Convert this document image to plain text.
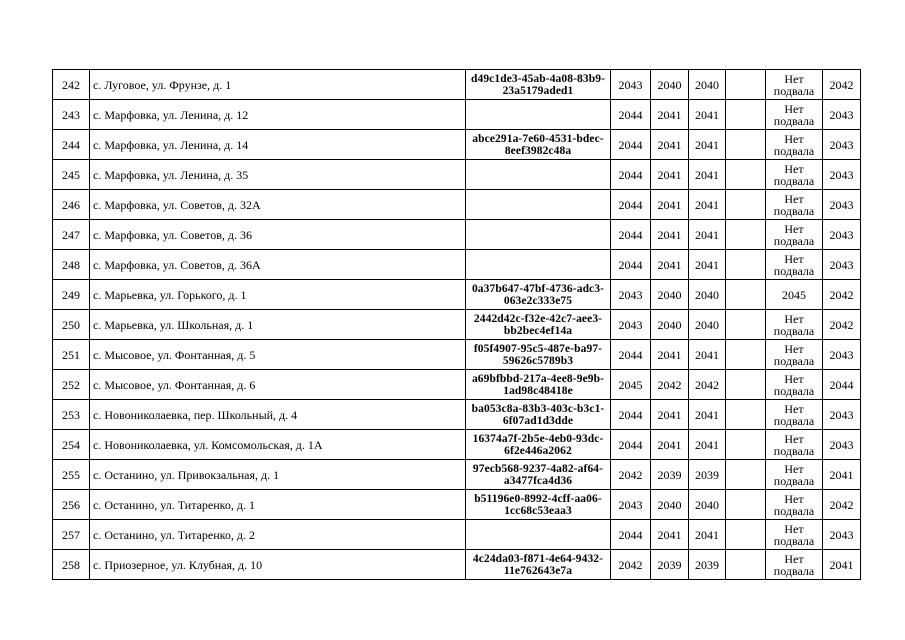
242	с. Луговое, ул. Фрунзе, д. 1	d49c1de3-45ab-4a08-83b9-23a5179aded1	2043	2040	2040		Нет подвала	2042
243	с. Марфовка, ул. Ленина, д. 12		2044	2041	2041		Нет подвала	2043
244	с. Марфовка, ул. Ленина, д. 14	abce291a-7e60-4531-bdec-8eef3982c48a	2044	2041	2041		Нет подвала	2043
245	с. Марфовка, ул. Ленина, д. 35		2044	2041	2041		Нет подвала	2043
246	с. Марфовка, ул. Советов, д. 32А		2044	2041	2041		Нет подвала	2043
247	с. Марфовка, ул. Советов, д. 36		2044	2041	2041		Нет подвала	2043
248	с. Марфовка, ул. Советов, д. 36А		2044	2041	2041		Нет подвала	2043
249	с. Марьевка, ул. Горького, д. 1	0a37b647-47bf-4736-adc3-063e2c333e75	2043	2040	2040		2045	2042
250	с. Марьевка, ул. Школьная, д. 1	2442d42c-f32e-42c7-aee3-bb2bec4ef14a	2043	2040	2040		Нет подвала	2042
251	с. Мысовое, ул. Фонтанная, д. 5	f05f4907-95c5-487e-ba97-59626c5789b3	2044	2041	2041		Нет подвала	2043
252	с. Мысовое, ул. Фонтанная, д. 6	a69bfbbd-217a-4ee8-9e9b-1ad98c48418e	2045	2042	2042		Нет подвала	2044
253	с. Новониколаевка, пер. Школьный, д. 4	ba053c8a-83b3-403c-b3c1-6f07ad1d3dde	2044	2041	2041		Нет подвала	2043
254	с. Новониколаевка, ул. Комсомольская, д. 1А	16374a7f-2b5e-4eb0-93dc-6f2e446a2062	2044	2041	2041		Нет подвала	2043
255	с. Останино, ул. Привокзальная, д. 1	97ecb568-9237-4a82-af64-a3477fca4d36	2042	2039	2039		Нет подвала	2041
256	с. Останино, ул. Титаренко, д. 1	b51196e0-8992-4cff-aa06-1cc68c53eaa3	2043	2040	2040		Нет подвала	2042
257	с. Останино, ул. Титаренко, д. 2		2044	2041	2041		Нет подвала	2043
258	с. Приозерное, ул. Клубная, д. 10	4c24da03-f871-4e64-9432-11e762643e7a	2042	2039	2039		Нет подвала	2041
